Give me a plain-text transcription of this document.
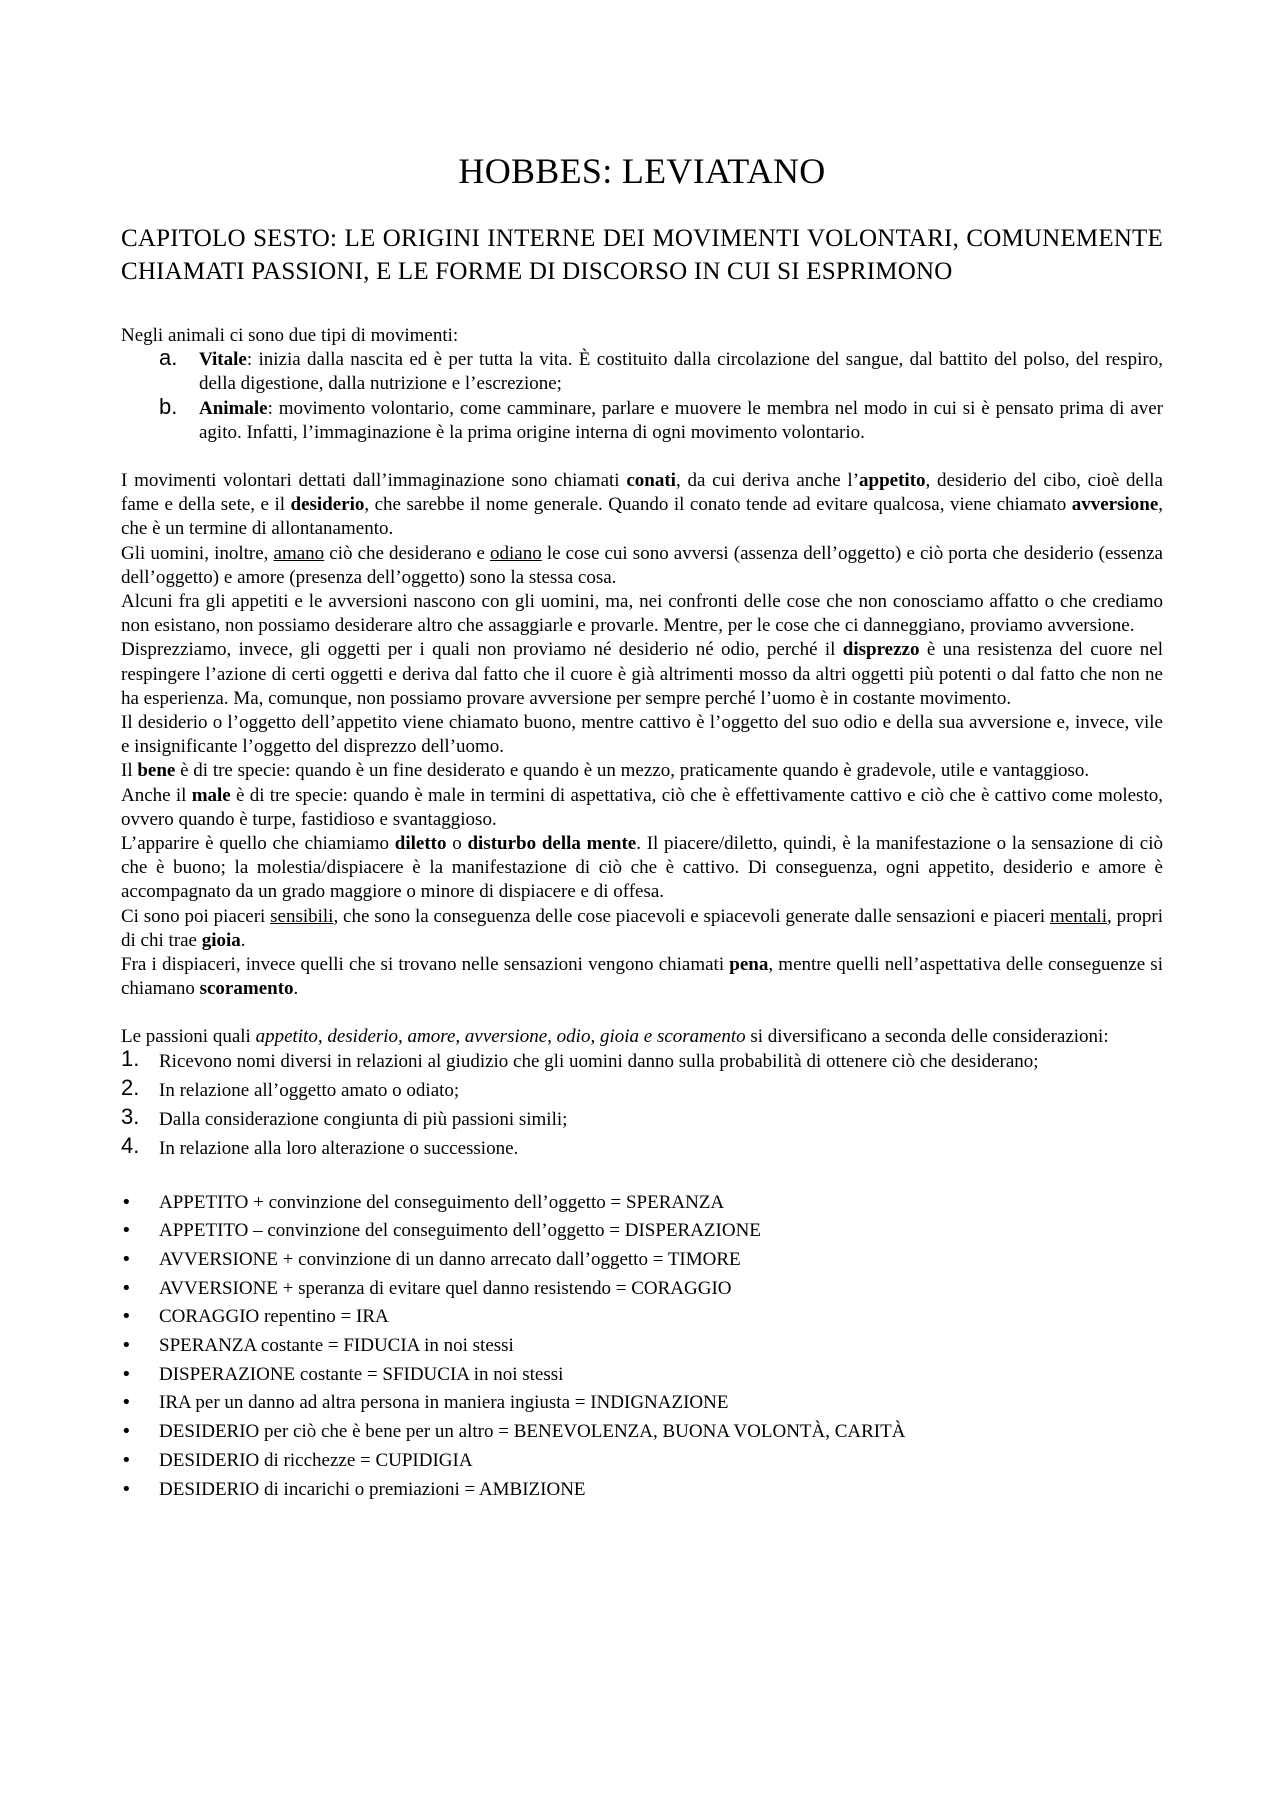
HOBBES: LEVIATANO
CAPITOLO SESTO: LE ORIGINI INTERNE DEI MOVIMENTI VOLONTARI, COMUNEMENTE CHIAMATI PASSIONI, E LE FORME DI DISCORSO IN CUI SI ESPRIMONO

Negli animali ci sono due tipi di movimenti:

a. Vitale: inizia dalla nascita ed è per tutta la vita. È costituito dalla circolazione del sangue, dal battito del polso, del respiro, della digestione, dalla nutrizione e l’escrezione;
b. Animale: movimento volontario, come camminare, parlare e muovere le membra nel modo in cui si è pensato prima di aver agito. Infatti, l’immaginazione è la prima origine interna di ogni movimento volontario.

I movimenti volontari dettati dall’immaginazione sono chiamati conati, da cui deriva anche l’appetito, desiderio del cibo, cioè della fame e della sete, e il desiderio, che sarebbe il nome generale. Quando il conato tende ad evitare qualcosa, viene chiamato avversione, che è un termine di allontanamento.

Gli uomini, inoltre, amano ciò che desiderano e odiano le cose cui sono avversi (assenza dell’oggetto) e ciò porta che desiderio (essenza dell’oggetto) e amore (presenza dell’oggetto) sono la stessa cosa.

Alcuni fra gli appetiti e le avversioni nascono con gli uomini, ma, nei confronti delle cose che non conosciamo affatto o che crediamo non esistano, non possiamo desiderare altro che assaggiarle e provarle. Mentre, per le cose che ci danneggiano, proviamo avversione.

Disprezziamo, invece, gli oggetti per i quali non proviamo né desiderio né odio, perché il disprezzo è una resistenza del cuore nel respingere l’azione di certi oggetti e deriva dal fatto che il cuore è già altrimenti mosso da altri oggetti più potenti o dal fatto che non ne ha esperienza. Ma, comunque, non possiamo provare avversione per sempre perché l’uomo è in costante movimento.

Il desiderio o l’oggetto dell’appetito viene chiamato buono, mentre cattivo è l’oggetto del suo odio e della sua avversione e, invece, vile e insignificante l’oggetto del disprezzo dell’uomo.

Il bene è di tre specie: quando è un fine desiderato e quando è un mezzo, praticamente quando è gradevole, utile e vantaggioso.

Anche il male è di tre specie: quando è male in termini di aspettativa, ciò che è effettivamente cattivo e ciò che è cattivo come molesto, ovvero quando è turpe, fastidioso e svantaggioso.

L’apparire è quello che chiamiamo diletto o disturbo della mente. Il piacere/diletto, quindi, è la manifestazione o la sensazione di ciò che è buono; la molestia/dispiacere è la manifestazione di ciò che è cattivo. Di conseguenza, ogni appetito, desiderio e amore è accompagnato da un grado maggiore o minore di dispiacere e di offesa.

Ci sono poi piaceri sensibili, che sono la conseguenza delle cose piacevoli e spiacevoli generate dalle sensazioni e piaceri mentali, propri di chi trae gioia.

Fra i dispiaceri, invece quelli che si trovano nelle sensazioni vengono chiamati pena, mentre quelli nell’aspettativa delle conseguenze si chiamano scoramento.

Le passioni quali appetito, desiderio, amore, avversione, odio, gioia e scoramento si diversificano a seconda delle considerazioni:

1. Ricevono nomi diversi in relazioni al giudizio che gli uomini danno sulla probabilità di ottenere ciò che desiderano;
2. In relazione all’oggetto amato o odiato;
3. Dalla considerazione congiunta di più passioni simili;
4. In relazione alla loro alterazione o successione.
• APPETITO + convinzione del conseguimento dell’oggetto = SPERANZA
• APPETITO – convinzione del conseguimento dell’oggetto = DISPERAZIONE
• AVVERSIONE + convinzione di un danno arrecato dall’oggetto = TIMORE
• AVVERSIONE + speranza di evitare quel danno resistendo = CORAGGIO
• CORAGGIO repentino = IRA
• SPERANZA costante = FIDUCIA in noi stessi
• DISPERAZIONE costante = SFIDUCIA in noi stessi
• IRA per un danno ad altra persona in maniera ingiusta = INDIGNAZIONE
• DESIDERIO per ciò che è bene per un altro = BENEVOLENZA, BUONA VOLONTÀ, CARITÀ
• DESIDERIO di ricchezze = CUPIDIGIA
• DESIDERIO di incarichi o premiazioni = AMBIZIONE
